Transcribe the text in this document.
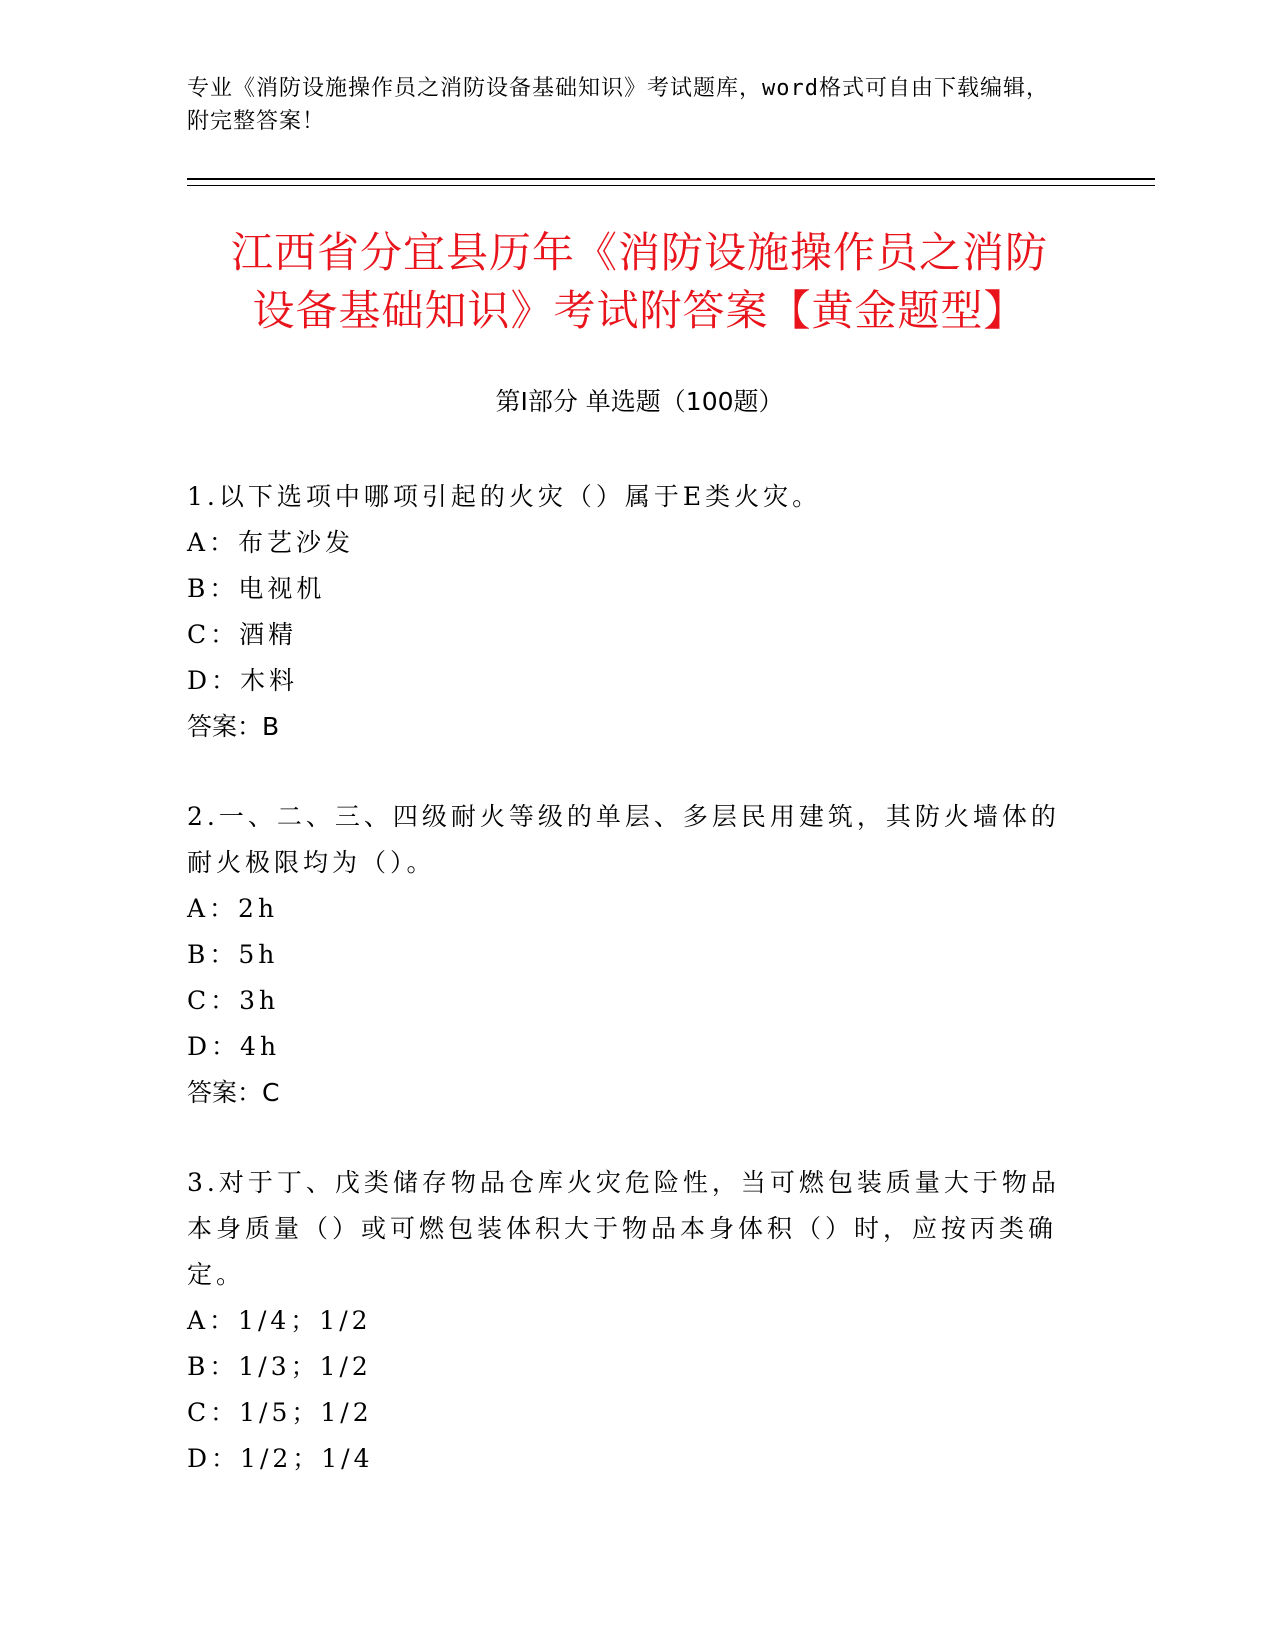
专业《消防设施操作员之消防设备基础知识》考试题库，word格式可自由下载编辑，附完整答案！
江西省分宜县历年《消防设施操作员之消防
设备基础知识》考试附答案【黄金题型】
第Ⅰ部分 单选题（100题）

1.以下选项中哪项引起的火灾（）属于E类火灾。

A：布艺沙发

B：电视机

C：酒精

D：木料

答案：B

2.一、二、三、四级耐火等级的单层、多层民用建筑，其防火墙体的耐火极限均为（）。

A：2h

B：5h

C：3h

D：4h

答案：C

3.对于丁、戊类储存物品仓库火灾危险性，当可燃包装质量大于物品本身质量（）或可燃包装体积大于物品本身体积（）时，应按丙类确定。

A：1/4；1/2

B：1/3；1/2

C：1/5；1/2

D：1/2；1/4
